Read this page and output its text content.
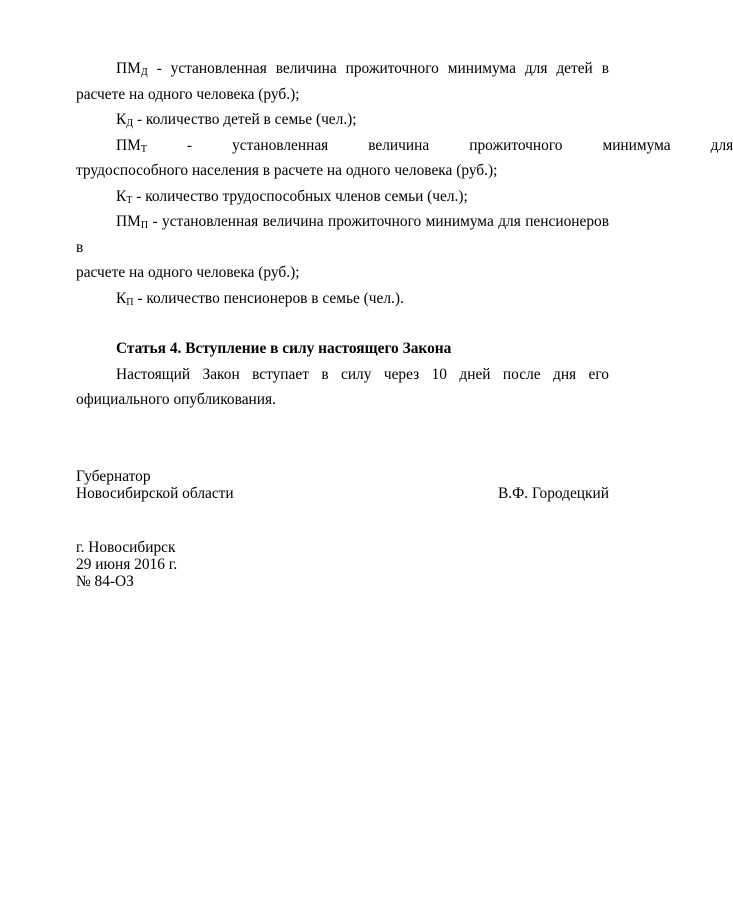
$ПМ_Д$ - установленная величина прожиточного минимума для детей в

расчете на одного человека (руб.);

$К_Д$ - количество детей в семье (чел.);

$ПМ_Т$	-	установленная	величина	прожиточного	минимума	для

трудоспособного населения в расчете на одного человека (руб.);

$К_Т$ - количество трудоспособных членов семьи (чел.);

$ПМ_П$ - установленная величина прожиточного минимума для пенсионеров в

расчете на одного человека (руб.);

$К_П$ - количество пенсионеров в семье (чел.).

Статья 4. Вступление в силу настоящего Закона

Настоящий Закон вступает в силу через 10 дней после дня его

официального опубликования.

Губернатор
Новосибирской области	В.Ф. Городецкий
г. Новосибирск
29 июня 2016 г.
№ 84-ОЗ
